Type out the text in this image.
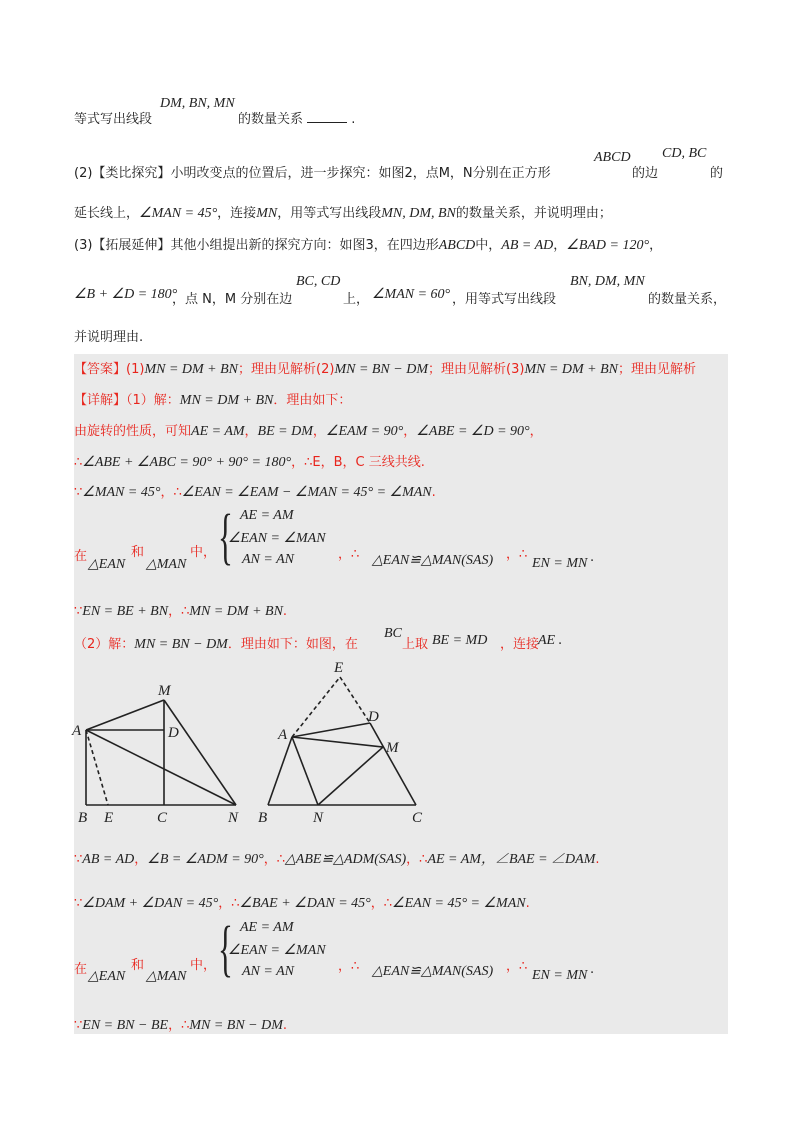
等式写出线段
DM, BN, MN
的数量关系	.
(2)【类比探究】小明改变点的位置后，进一步探究：如图2，点M，N分别在正方形
ABCD
的边
CD, BC
的
延长线上，∠MAN = 45°，连接MN，用等式写出线段MN, DM, BN的数量关系，并说明理由；
(3)【拓展延伸】其他小组提出新的探究方向：如图3，在四边形ABCD中，AB = AD，∠BAD = 120°，
∠B + ∠D = 180°
，点 N，M 分别在边
BC, CD
上， ∠MAN = 60° ，用等式写出线段
BN, DM, MN
的数量关系，
并说明理由.
【答案】(1)MN = DM + BN；理由见解析(2)MN = BN − DM；理由见解析(3)MN = DM + BN；理由见解析
【详解】（1）解：MN = DM + BN．理由如下：
由旋转的性质，可知AE = AM，BE = DM，∠EAM = 90°，∠ABE = ∠D = 90°，
∴∠ABE + ∠ABC = 90° + 90° = 180°，∴E，B，C 三线共线.
∵∠MAN = 45°，∴∠EAN = ∠EAM − ∠MAN = 45° = ∠MAN.
在
△EAN
和
△MAN
中， { AE = AM
∠EAN = ∠MAN
AN = AN	，∴ △EAN≌△MAN(SAS) ，∴
EN = MN .
∵EN = BE + BN，∴MN = DM + BN.
（2）解：MN = BN − DM．理由如下：如图，在
BC
上取 BE = MD ，连接
AE .
A
B E	C	N
M
D	A
B	N	C
M
D
E
∵AB = AD，∠B = ∠ADM = 90°，∴△ABE≌△ADM(SAS)，∴AE = AM，∠BAE = ∠DAM.
∵∠DAM + ∠DAN = 45°，∴∠BAE + ∠DAN = 45°，∴∠EAN = 45° = ∠MAN.
在 △EAN
和
△MAN
中， { AE = AM
∠EAN = ∠MAN
AN = AN	，∴ △EAN≌△MAN(SAS) ，∴
EN = MN .
∵EN = BN − BE，∴MN = BN − DM.
